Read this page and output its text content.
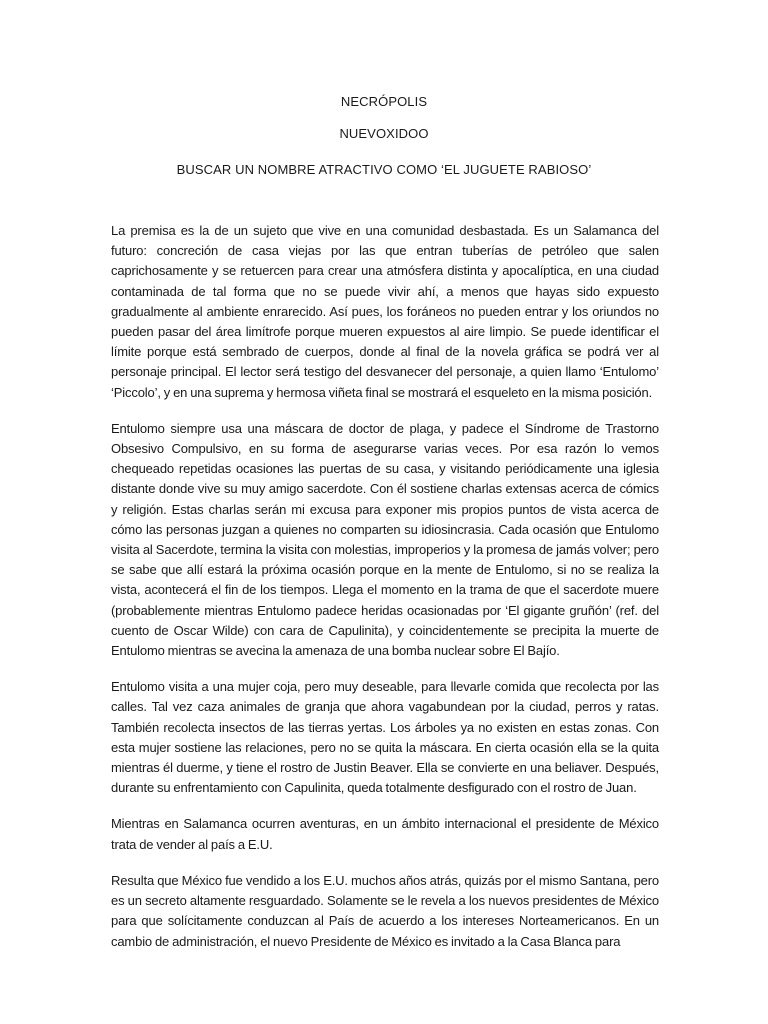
NECRÓPOLIS
NUEVOXIDOO
BUSCAR UN NOMBRE ATRACTIVO COMO ‘EL JUGUETE RABIOSO’

La premisa es la de un sujeto que vive en una comunidad desbastada. Es un Salamanca del futuro: concreción de casa viejas por las que entran tuberías de petróleo que salen caprichosamente y se retuercen para crear una atmósfera distinta y apocalíptica, en una ciudad contaminada de tal forma que no se puede vivir ahí, a menos que hayas sido expuesto gradualmente al ambiente enrarecido. Así pues, los foráneos no pueden entrar y los oriundos no pueden pasar del área limítrofe porque mueren expuestos al aire limpio. Se puede identificar el límite porque está sembrado de cuerpos, donde al final de la novela gráfica se podrá ver al personaje principal. El lector será testigo del desvanecer del personaje, a quien llamo ‘Entulomo’ ‘Piccolo’, y en una suprema y hermosa viñeta final se mostrará el esqueleto en la misma posición.

Entulomo siempre usa una máscara de doctor de plaga, y padece el Síndrome de Trastorno Obsesivo Compulsivo, en su forma de asegurarse varias veces. Por esa razón lo vemos chequeado repetidas ocasiones las puertas de su casa, y visitando periódicamente una iglesia distante donde vive su muy amigo sacerdote. Con él sostiene charlas extensas acerca de cómics y religión. Estas charlas serán mi excusa para exponer mis propios puntos de vista acerca de cómo las personas juzgan a quienes no comparten su idiosincrasia. Cada ocasión que Entulomo visita al Sacerdote, termina la visita con molestias, improperios y la promesa de jamás volver; pero se sabe que allí estará la próxima ocasión porque en la mente de Entulomo, si no se realiza la vista, acontecerá el fin de los tiempos. Llega el momento en la trama de que el sacerdote muere (probablemente mientras Entulomo padece heridas ocasionadas por ‘El gigante gruñón’ (ref. del cuento de Oscar Wilde) con cara de Capulinita), y coincidentemente se precipita la muerte de Entulomo mientras se avecina la amenaza de una bomba nuclear sobre El Bajío.

Entulomo visita a una mujer coja, pero muy deseable, para llevarle comida que recolecta por las calles. Tal vez caza animales de granja que ahora vagabundean por la ciudad, perros y ratas. También recolecta insectos de las tierras yertas. Los árboles ya no existen en estas zonas. Con esta mujer sostiene las relaciones, pero no se quita la máscara. En cierta ocasión ella se la quita mientras él duerme, y tiene el rostro de Justin Beaver. Ella se convierte en una beliaver. Después, durante su enfrentamiento con Capulinita, queda totalmente desfigurado con el rostro de Juan.

Mientras en Salamanca ocurren aventuras, en un ámbito internacional el presidente de México trata de vender al país a E.U.

Resulta que México fue vendido a los E.U. muchos años atrás, quizás por el mismo Santana, pero es un secreto altamente resguardado. Solamente se le revela a los nuevos presidentes de México para que solícitamente conduzcan al País de acuerdo a los intereses Norteamericanos. En un cambio de administración, el nuevo Presidente de México es invitado a la Casa Blanca para
